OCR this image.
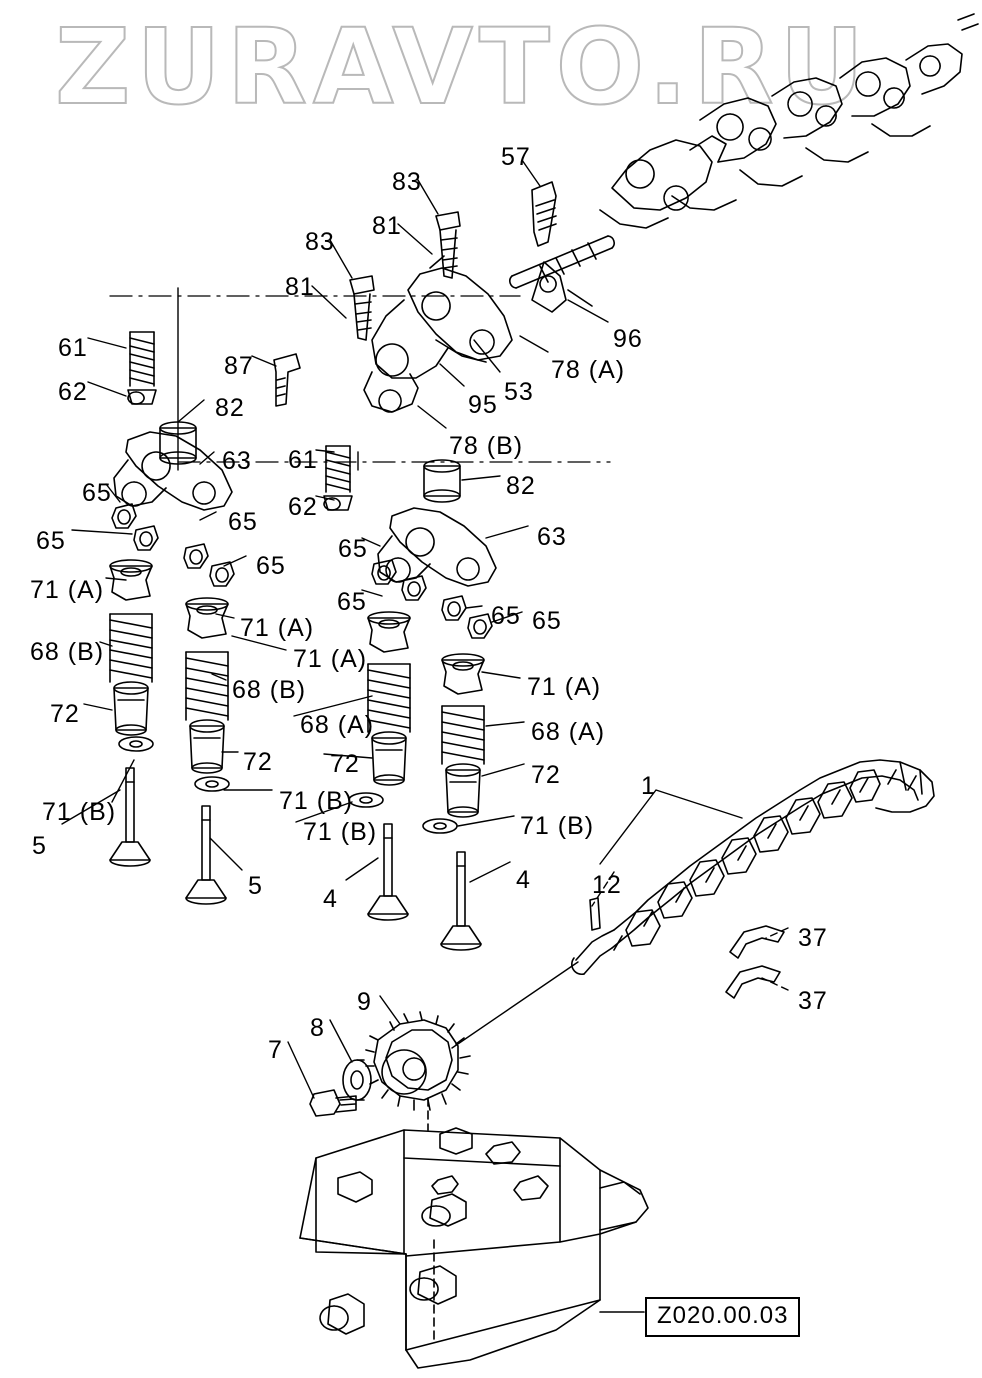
ZURAVTO.RU
57
83
81
83
81
96
61
87	78 (A)
53
62	95
82
78 (B)
63 61
82
65	62
65
65	63
65
65
71 (A)	65	65
71 (A)	65
68 (B)	71 (A)
68 (B)	71 (A)
72	68 (A)	68 (A)
72 72
1
72
71 (B)	71 (B)
12
71 (B)	71 (B)
5
5 4
4
37
37
9
8
7
Z020.00.03
